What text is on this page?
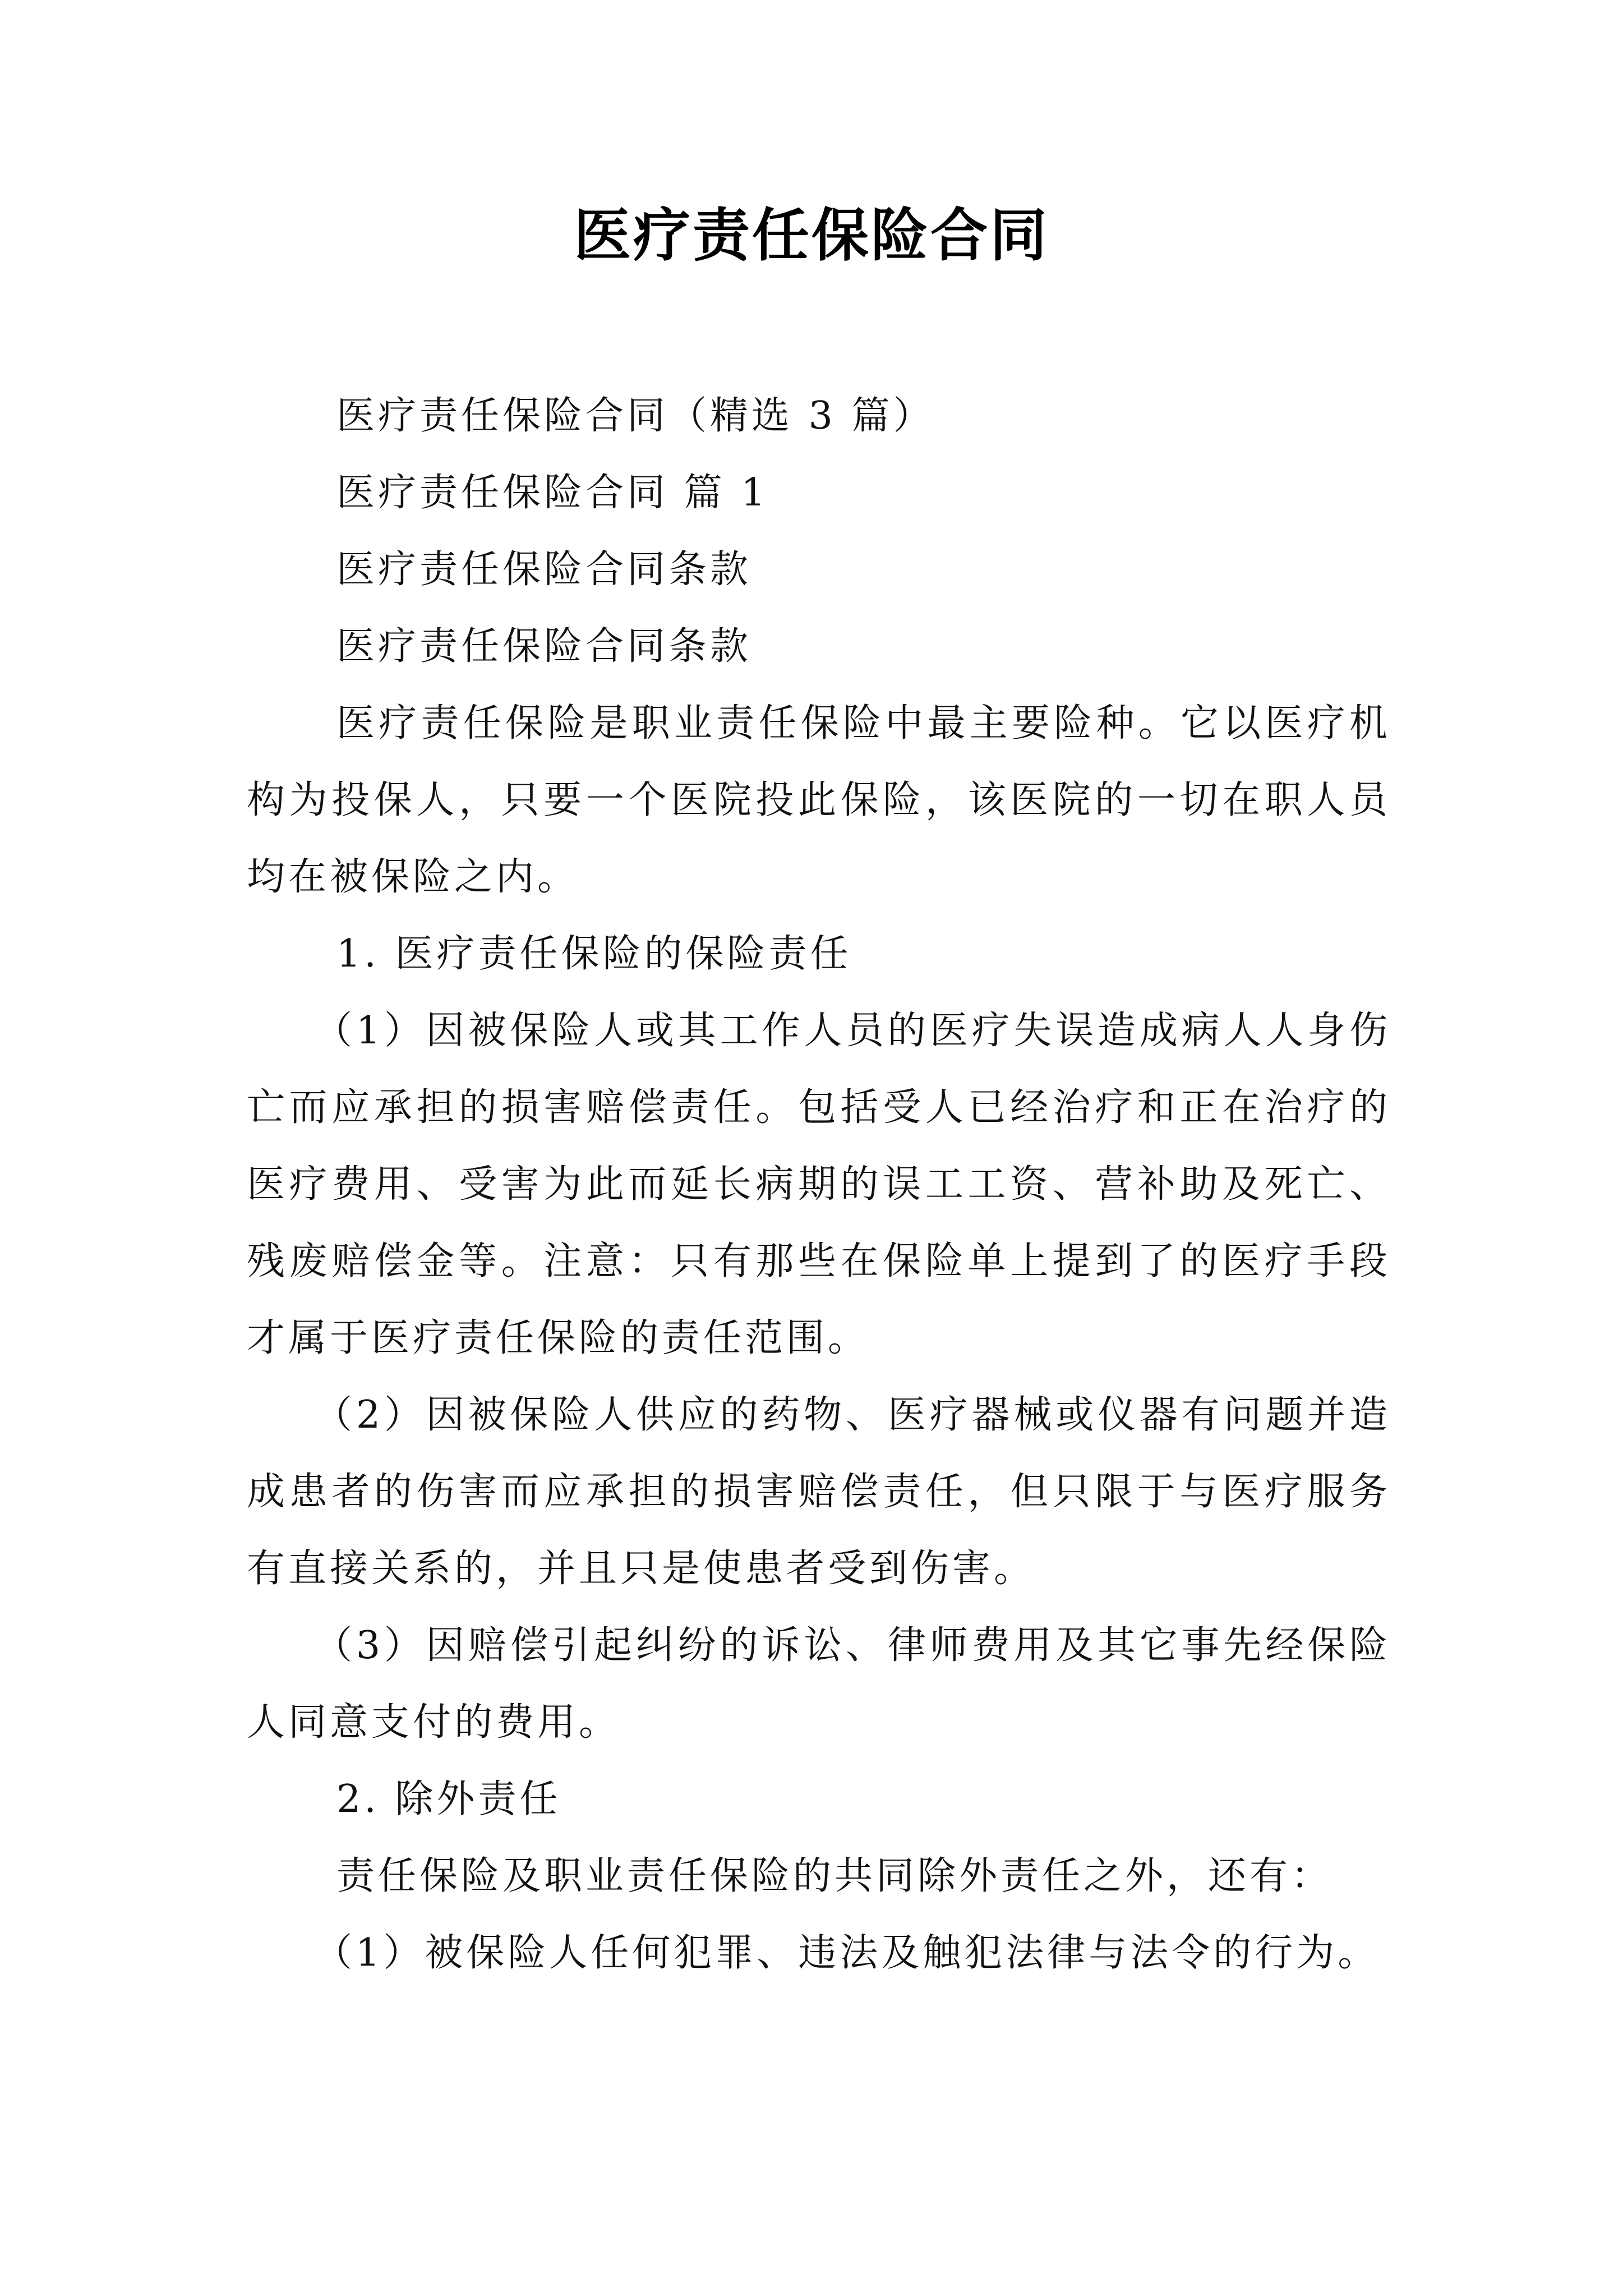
医疗责任保险合同

医疗责任保险合同（精选 3 篇）

医疗责任保险合同 篇 1

医疗责任保险合同条款

医疗责任保险合同条款

医疗责任保险是职业责任保险中最主要险种。它以医疗机构为投保人，只要一个医院投此保险，该医院的一切在职人员均在被保险之内。

1. 医疗责任保险的保险责任

（1）因被保险人或其工作人员的医疗失误造成病人人身伤亡而应承担的损害赔偿责任。包括受人已经治疗和正在治疗的医疗费用、受害为此而延长病期的误工工资、营补助及死亡、残废赔偿金等。注意：只有那些在保险单上提到了的医疗手段才属于医疗责任保险的责任范围。

（2）因被保险人供应的药物、医疗器械或仪器有问题并造成患者的伤害而应承担的损害赔偿责任，但只限于与医疗服务有直接关系的，并且只是使患者受到伤害。

（3）因赔偿引起纠纷的诉讼、律师费用及其它事先经保险人同意支付的费用。

2. 除外责任

责任保险及职业责任保险的共同除外责任之外，还有：

（1）被保险人任何犯罪、违法及触犯法律与法令的行为。
